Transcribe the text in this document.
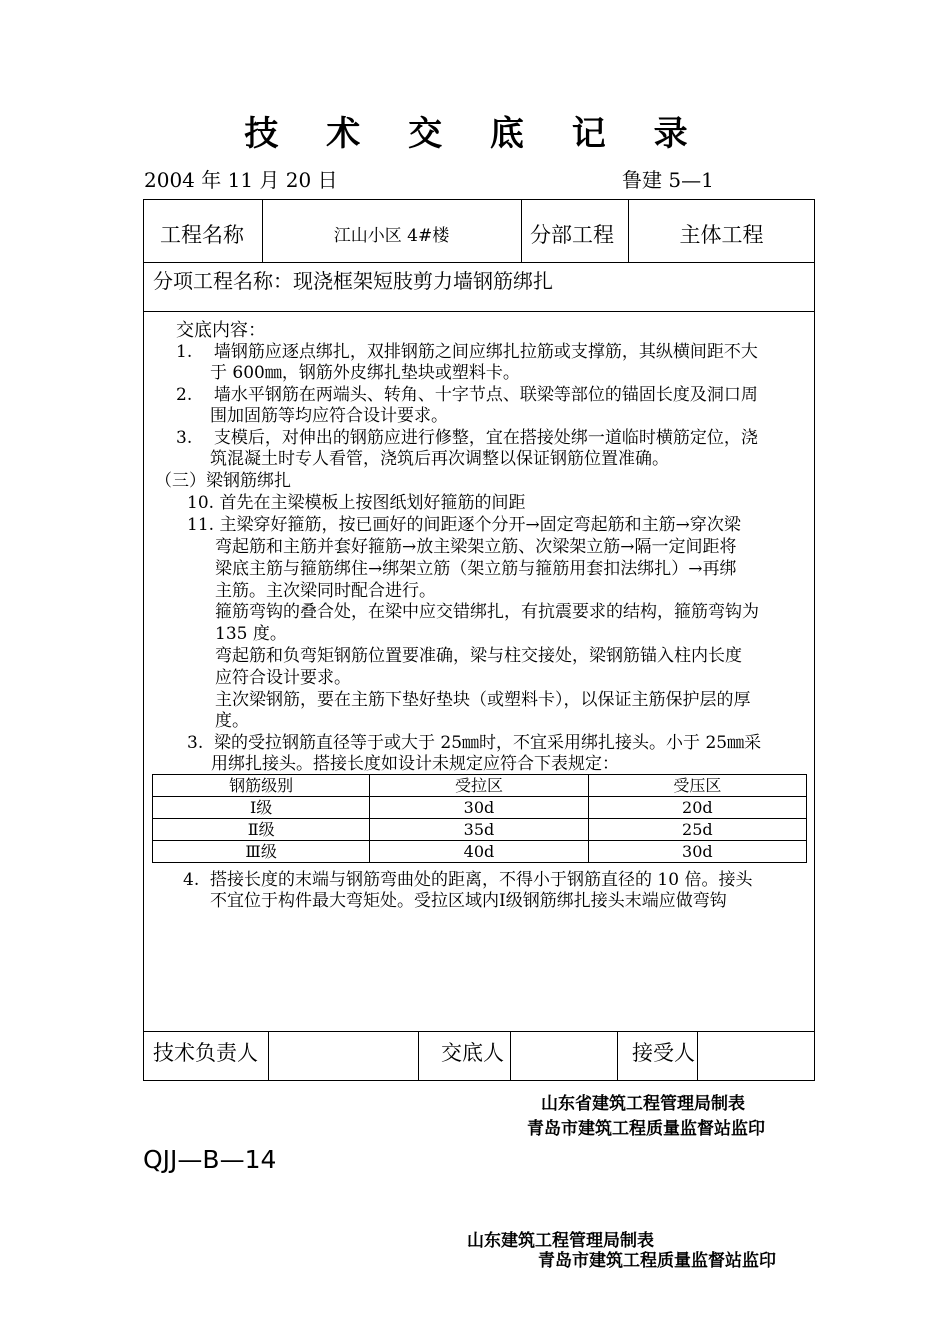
技 术 交 底 记 录
2004 年 11 月 20 日	鲁建 5—1
工程名称	江山小区 4#楼	分部工程	主体工程
分项工程名称：现浇框架短肢剪力墙钢筋绑扎
交底内容：
1.    墙钢筋应逐点绑扎，双排钢筋之间应绑扎拉筋或支撑筋，其纵横间距不大
于 600㎜，钢筋外皮绑扎垫块或塑料卡。
2.    墙水平钢筋在两端头、转角、十字节点、联梁等部位的锚固长度及洞口周
围加固筋等均应符合设计要求。
3.    支模后，对伸出的钢筋应进行修整，宜在搭接处绑一道临时横筋定位，浇
筑混凝土时专人看管，浇筑后再次调整以保证钢筋位置准确。
（三）梁钢筋绑扎
10. 首先在主梁模板上按图纸划好箍筋的间距
11. 主梁穿好箍筋，按已画好的间距逐个分开→固定弯起筋和主筋→穿次梁
弯起筋和主筋并套好箍筋→放主梁架立筋、次梁架立筋→隔一定间距将
梁底主筋与箍筋绑住→绑架立筋（架立筋与箍筋用套扣法绑扎）→再绑
主筋。主次梁同时配合进行。
箍筋弯钩的叠合处，在梁中应交错绑扎，有抗震要求的结构，箍筋弯钩为
135 度。
弯起筋和负弯矩钢筋位置要准确，梁与柱交接处，梁钢筋锚入柱内长度
应符合设计要求。
主次梁钢筋，要在主筋下垫好垫块（或塑料卡），以保证主筋保护层的厚
度。
3.  梁的受拉钢筋直径等于或大于 25㎜时，不宜采用绑扎接头。小于 25㎜采
用绑扎接头。搭接长度如设计未规定应符合下表规定：
钢筋级别	受拉区	受压区
Ⅰ级	30d	20d
Ⅱ级	35d	25d
Ⅲ级	40d	30d
4.  搭接长度的末端与钢筋弯曲处的距离，不得小于钢筋直径的 10 倍。接头
不宜位于构件最大弯矩处。受拉区域内Ⅰ级钢筋绑扎接头末端应做弯钩
技术负责人	交底人	接受人
山东省建筑工程管理局制表
青岛市建筑工程质量监督站监印
QJJ—B—14
山东建筑工程管理局制表
青岛市建筑工程质量监督站监印
